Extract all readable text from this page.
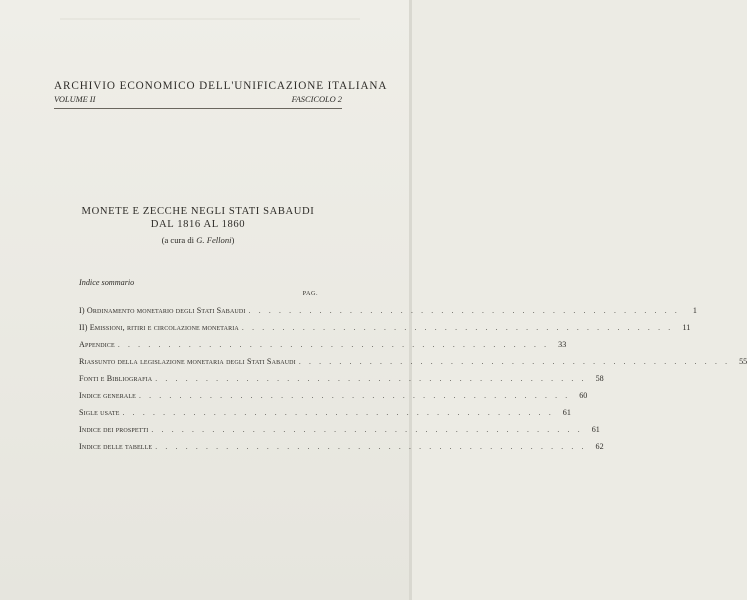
ARCHIVIO ECONOMICO DELL'UNIFICAZIONE ITALIANA
VOLUME II	FASCICOLO 2
MONETE E ZECCHE NEGLI STATI SABAUDI
DAL 1816 AL 1860
(a cura di G. Felloni)
Indice sommario
PAG.
I) Ordinamento monetario degli Stati Sabaudi . . . . . . . . . . . . . . . . . . . . . . . . . . . . . . . . . . . . . . . . . . .	1
II) Emissioni, ritiri e circolazione monetaria . . . . . . . . . . . . . . . . . . . . . . . . . . . . . . . . . . . . . . . . . . .	11
Appendice . . . . . . . . . . . . . . . . . . . . . . . . . . . . . . . . . . . . . . . . . . .	33
Riassunto della legislazione monetaria degli Stati Sabaudi . . . . . . . . . . . . . . . . . . . . . . . . . . . . . . . . . . . . . . . . . . .	55
Fonti e Bibliografia . . . . . . . . . . . . . . . . . . . . . . . . . . . . . . . . . . . . . . . . . . .	58
Indice generale . . . . . . . . . . . . . . . . . . . . . . . . . . . . . . . . . . . . . . . . . . .	60
Sigle usate . . . . . . . . . . . . . . . . . . . . . . . . . . . . . . . . . . . . . . . . . . .	61
Indice dei prospetti . . . . . . . . . . . . . . . . . . . . . . . . . . . . . . . . . . . . . . . . . . .	61
Indice delle tabelle . . . . . . . . . . . . . . . . . . . . . . . . . . . . . . . . . . . . . . . . . . .	62
